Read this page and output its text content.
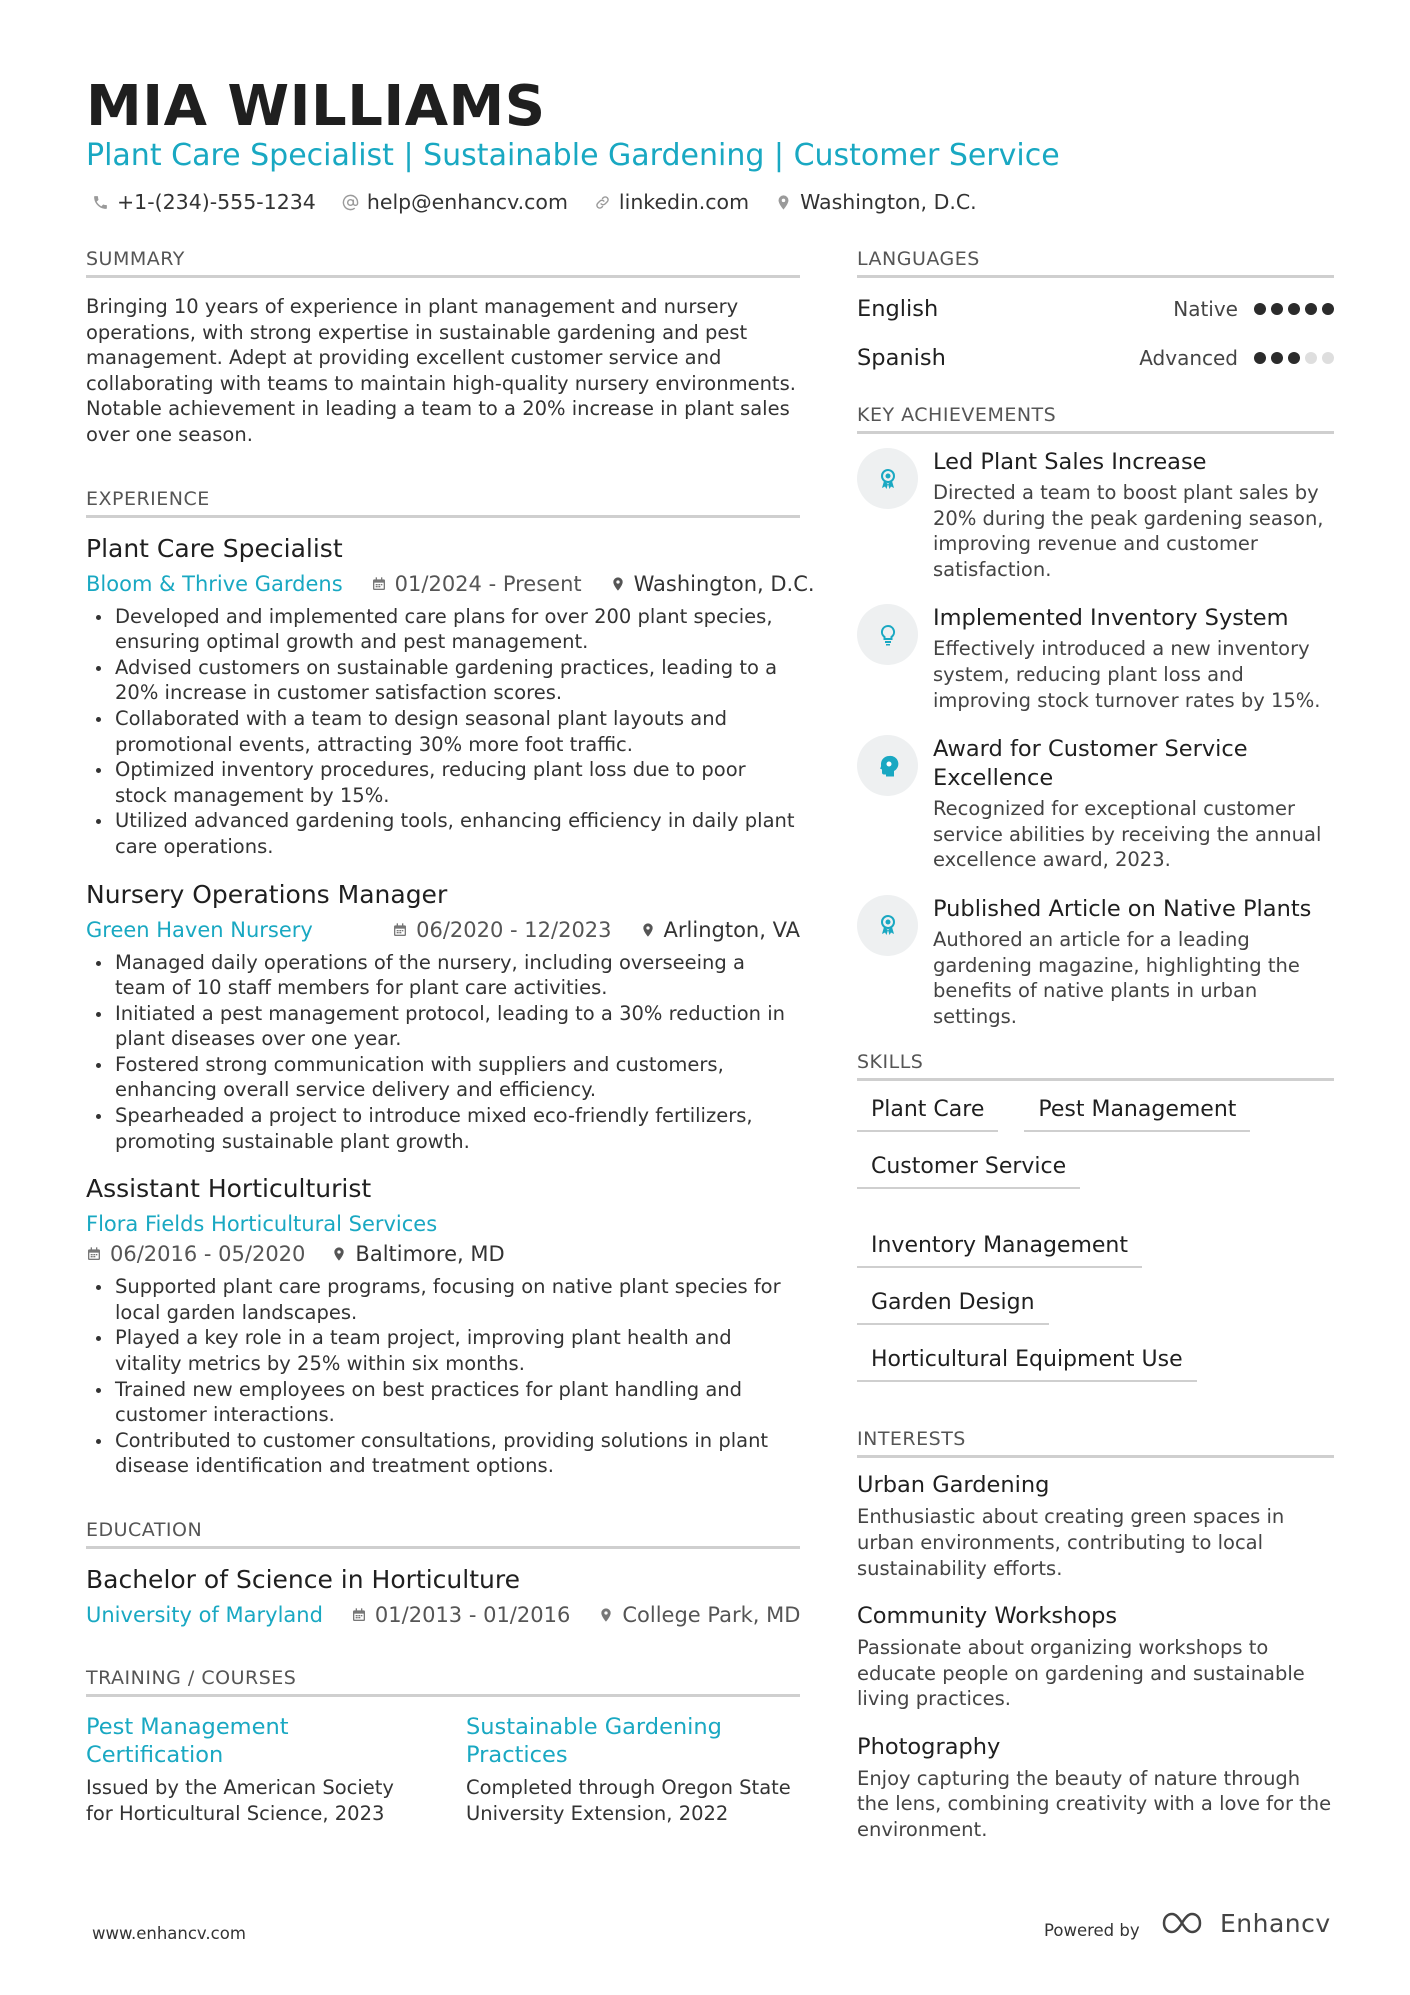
MIA WILLIAMS
Plant Care Specialist | Sustainable Gardening | Customer Service
+1-(234)-555-1234 help@enhancv.com linkedin.com Washington, D.C.
SUMMARY
Bringing 10 years of experience in plant management and nursery operations, with strong expertise in sustainable gardening and pest management. Adept at providing excellent customer service and collaborating with teams to maintain high-quality nursery environments. Notable achievement in leading a team to a 20% increase in plant sales over one season.
EXPERIENCE
Plant Care Specialist
Bloom & Thrive Gardens 01/2024 - Present Washington, D.C.
Developed and implemented care plans for over 200 plant species, ensuring optimal growth and pest management.
Advised customers on sustainable gardening practices, leading to a 20% increase in customer satisfaction scores.
Collaborated with a team to design seasonal plant layouts and promotional events, attracting 30% more foot traffic.
Optimized inventory procedures, reducing plant loss due to poor stock management by 15%.
Utilized advanced gardening tools, enhancing efficiency in daily plant care operations.
Nursery Operations Manager
Green Haven Nursery	06/2020 - 12/2023 Arlington, VA
Managed daily operations of the nursery, including overseeing a team of 10 staff members for plant care activities.
Initiated a pest management protocol, leading to a 30% reduction in plant diseases over one year.
Fostered strong communication with suppliers and customers, enhancing overall service delivery and efficiency.
Spearheaded a project to introduce mixed eco-friendly fertilizers, promoting sustainable plant growth.
Assistant Horticulturist
Flora Fields Horticultural Services
06/2016 - 05/2020 Baltimore, MD
Supported plant care programs, focusing on native plant species for local garden landscapes.
Played a key role in a team project, improving plant health and vitality metrics by 25% within six months.
Trained new employees on best practices for plant handling and customer interactions.
Contributed to customer consultations, providing solutions in plant disease identification and treatment options.
EDUCATION
Bachelor of Science in Horticulture
University of Maryland 01/2013 - 01/2016 College Park, MD
TRAINING / COURSES
Pest Management Certification
Issued by the American Society for Horticultural Science, 2023
Sustainable Gardening Practices
Completed through Oregon State University Extension, 2022
LANGUAGES
English	Native
Spanish	Advanced
KEY ACHIEVEMENTS
Led Plant Sales Increase
Directed a team to boost plant sales by 20% during the peak gardening season, improving revenue and customer satisfaction.
Implemented Inventory System
Effectively introduced a new inventory system, reducing plant loss and improving stock turnover rates by 15%.
Award for Customer Service Excellence
Recognized for exceptional customer service abilities by receiving the annual excellence award, 2023.
Published Article on Native Plants
Authored an article for a leading gardening magazine, highlighting the benefits of native plants in urban settings.
SKILLS
Plant Care	Pest Management
Customer Service
Inventory Management
Garden Design
Horticultural Equipment Use
INTERESTS
Urban Gardening
Enthusiastic about creating green spaces in urban environments, contributing to local sustainability efforts.
Community Workshops
Passionate about organizing workshops to educate people on gardening and sustainable living practices.
Photography
Enjoy capturing the beauty of nature through the lens, combining creativity with a love for the environment.
www.enhancv.com	Powered by	Enhancv
